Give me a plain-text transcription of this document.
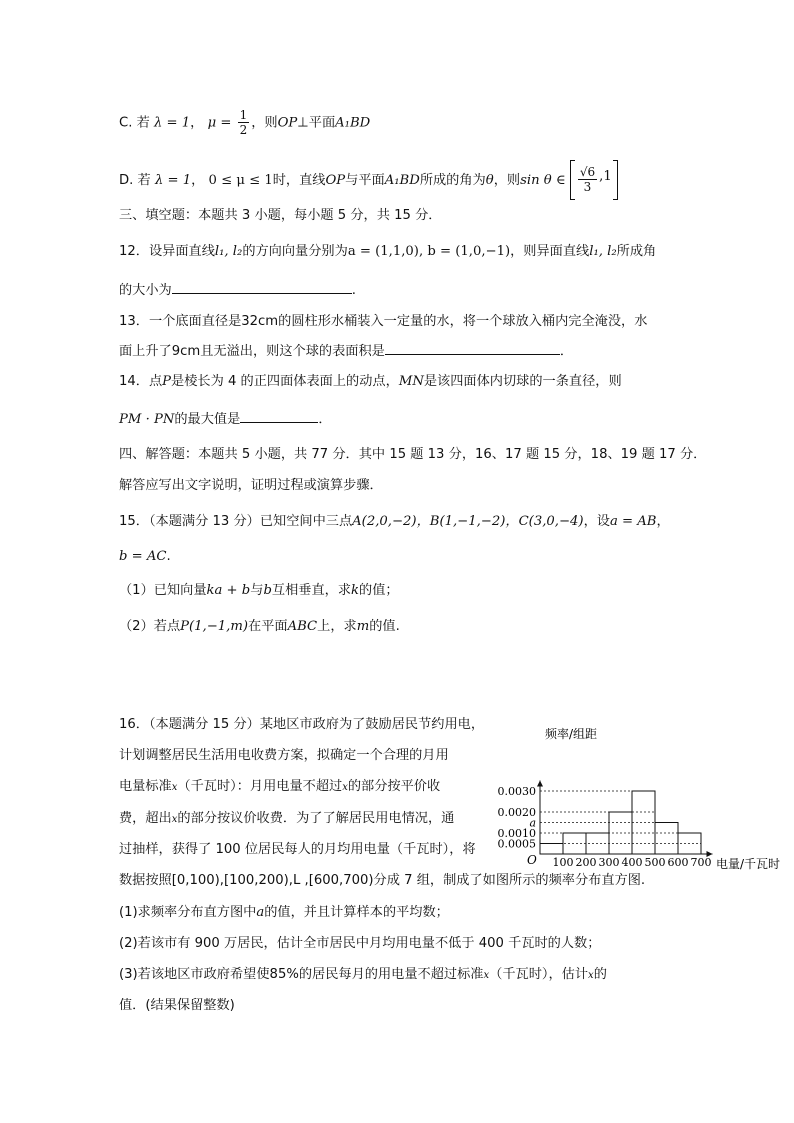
C. 若 λ = 1， $\mu = \frac{1}{2}$ ，则OP⊥平面A₁BD
D. 若 λ = 1， 0 ≤ μ ≤ 1时，直线OP与平面A₁BD所成的角为θ，则sin θ ∈ $\frac{√6}{3} ,1$
三、填空题：本题共 3 小题，每小题 5 分，共 15 分．
12．设异面直线l₁, l₂的方向向量分别为a = (1,1,0), b = (1,0,−1)，则异面直线l₁, l₂所成角
的大小为	.
13．一个底面直径是32cm的圆柱形水桶装入一定量的水，将一个球放入桶内完全淹没，水
面上升了9cm且无溢出，则这个球的表面积是	．
14．点P是棱长为 4 的正四面体表面上的动点，MN是该四面体内切球的一条直径，则
PM · PN的最大值是	．
四、解答题：本题共 5 小题，共 77 分．其中 15 题 13 分，16、17 题 15 分，18、19 题 17 分．
解答应写出文字说明，证明过程或演算步骤．
15．（本题满分 13 分）已知空间中三点A(2,0,−2)，B(1,−1,−2)，C(3,0,−4)，设a = AB，
b = AC.
（1）已知向量ka + b与b互相垂直，求k的值；
（2）若点P(1,−1,m)在平面ABC上，求m的值.
16．（本题满分 15 分）某地区市政府为了鼓励居民节约用电，
计划调整居民生活用电收费方案，拟确定一个合理的月用
电量标准x（千瓦时）：月用电量不超过x的部分按平价收
费，超出x的部分按议价收费．为了了解居民用电情况，通
过抽样，获得了 100 位居民每人的月均用电量（千瓦时），将
数据按照[0,100),[100,200),L ,[600,700)分成 7 组，制成了如图所示的频率分布直方图.
(1)求频率分布直方图中a的值，并且计算样本的平均数；
(2)若该市有 900 万居民，估计全市居民中月均用电量不低于 400 千瓦时的人数；
(3)若该地区市政府希望使85%的居民每月的用电量不超过标准x（千瓦时），估计x的
值．(结果保留整数)
0.0005
0.0010
a
0.0020
0.0030
100 200 300 400 500 600 700
频率/组距
电量/千瓦时
O
